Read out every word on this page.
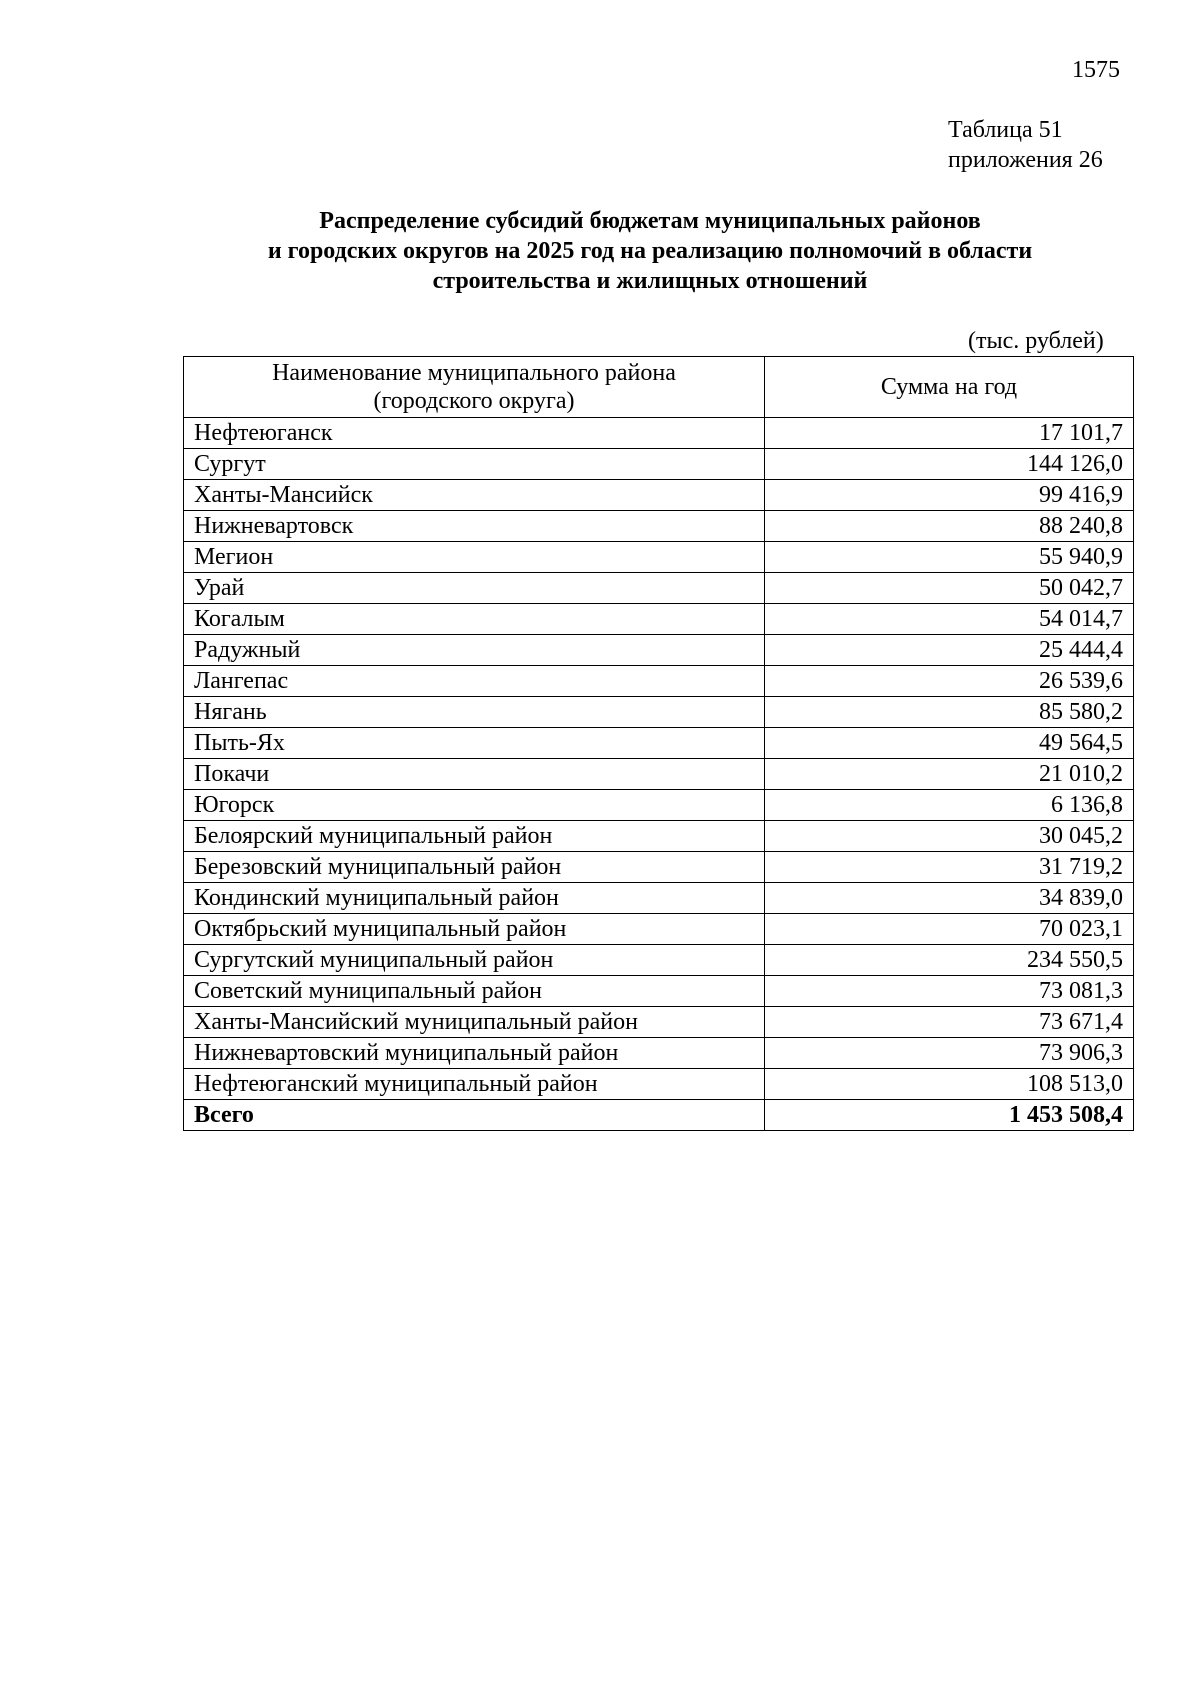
1575
Таблица 51
приложения 26
Распределение субсидий бюджетам муниципальных районов
и городских округов на 2025 год на реализацию полномочий в области
строительства и жилищных отношений
(тыс. рублей)
Наименование муниципального района
(городского округа)	Сумма на год
Нефтеюганск	17 101,7
Сургут	144 126,0
Ханты-Мансийск	99 416,9
Нижневартовск	88 240,8
Мегион	55 940,9
Урай	50 042,7
Когалым	54 014,7
Радужный	25 444,4
Лангепас	26 539,6
Нягань	85 580,2
Пыть-Ях	49 564,5
Покачи	21 010,2
Югорск	6 136,8
Белоярский муниципальный район	30 045,2
Березовский муниципальный район	31 719,2
Кондинский муниципальный район	34 839,0
Октябрьский муниципальный район	70 023,1
Сургутский муниципальный район	234 550,5
Советский муниципальный район	73 081,3
Ханты-Мансийский муниципальный район	73 671,4
Нижневартовский муниципальный район	73 906,3
Нефтеюганский муниципальный район	108 513,0
Всего	1 453 508,4
